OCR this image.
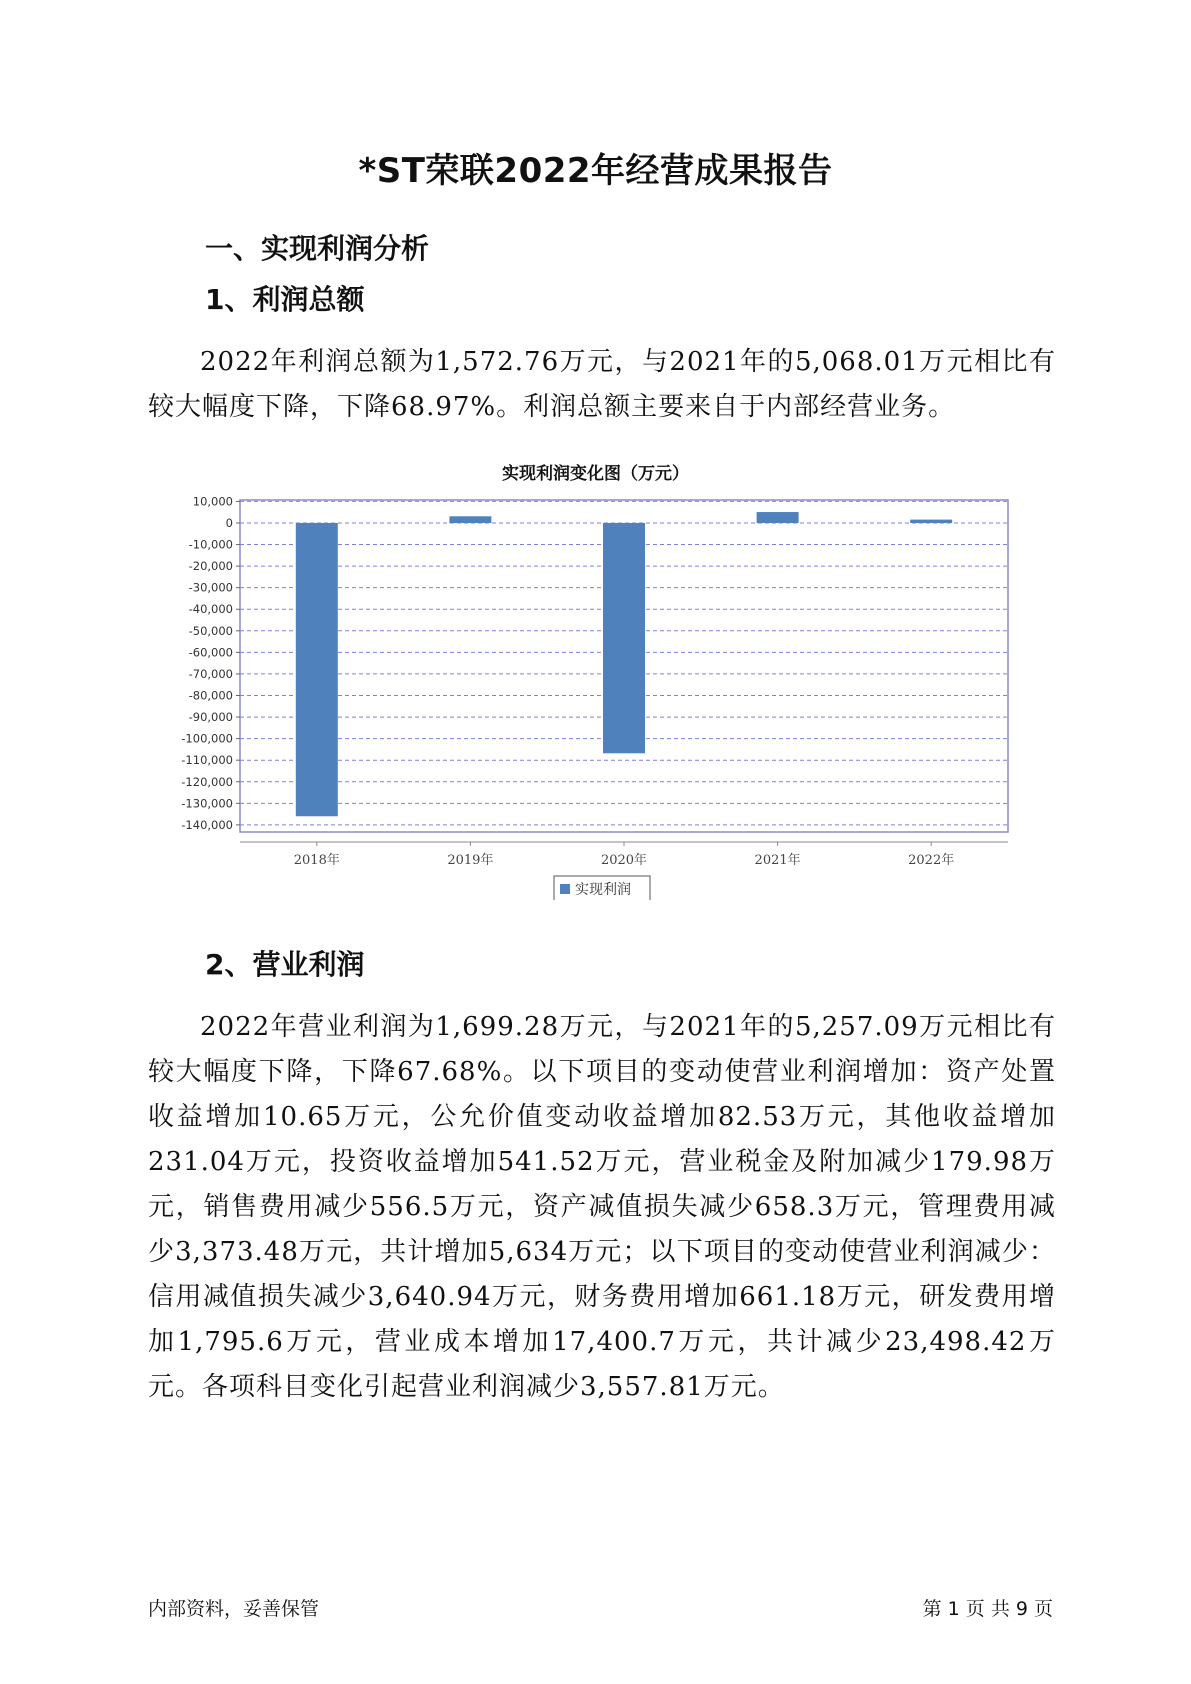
*ST荣联2022年经营成果报告
一、实现利润分析
1、利润总额
2022年利润总额为1,572.76万元，与2021年的5,068.01万元相比有较大幅度下降，下降68.97%。利润总额主要来自于内部经营业务。
实现利润变化图（万元）
10,000
0
-10,000
-20,000
-30,000
-40,000
-50,000
-60,000
-70,000
-80,000
-90,000
-100,000
-110,000
-120,000
-130,000
-140,000
2018年	2019年	2020年	2021年	2022年
实现利润
2、营业利润
2022年营业利润为1,699.28万元，与2021年的5,257.09万元相比有较大幅度下降，下降67.68%。以下项目的变动使营业利润增加：资产处置收益增加10.65万元，公允价值变动收益增加82.53万元，其他收益增加231.04万元，投资收益增加541.52万元，营业税金及附加减少179.98万元，销售费用减少556.5万元，资产减值损失减少658.3万元，管理费用减少3,373.48万元，共计增加5,634万元；以下项目的变动使营业利润减少：信用减值损失减少3,640.94万元，财务费用增加661.18万元，研发费用增加1,795.6万元，营业成本增加17,400.7万元，共计减少23,498.42万元。各项科目变化引起营业利润减少3,557.81万元。
内部资料，妥善保管	第 1 页 共 9 页
